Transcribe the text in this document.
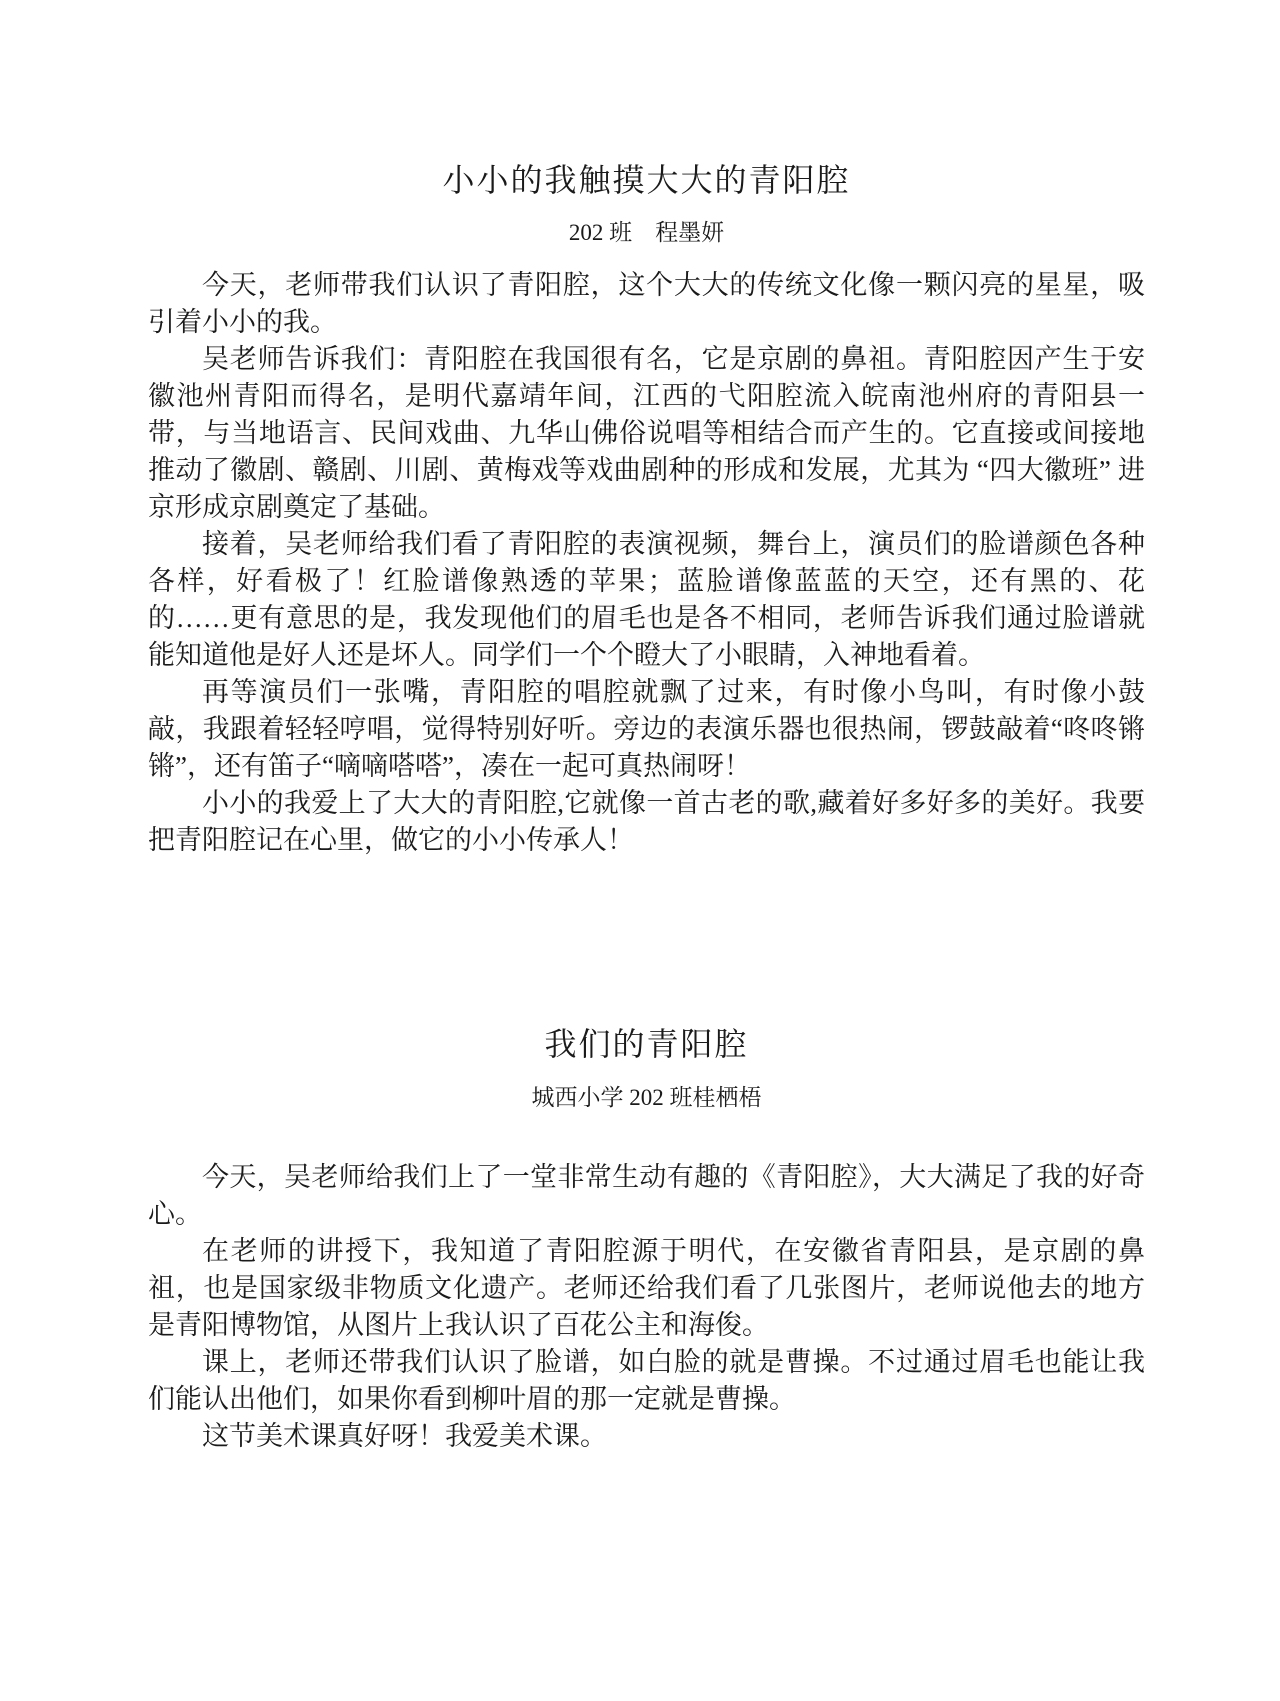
小小的我触摸大大的青阳腔
202 班　程墨妍

今天，老师带我们认识了青阳腔，这个大大的传统文化像一颗闪亮的星星，吸引着小小的我。

吴老师告诉我们：青阳腔在我国很有名，它是京剧的鼻祖。青阳腔因产生于安徽池州青阳而得名，是明代嘉靖年间，江西的弋阳腔流入皖南池州府的青阳县一带，与当地语言、民间戏曲、九华山佛俗说唱等相结合而产生的。它直接或间接地推动了徽剧、赣剧、川剧、黄梅戏等戏曲剧种的形成和发展，尤其为 “四大徽班” 进京形成京剧奠定了基础。

接着，吴老师给我们看了青阳腔的表演视频，舞台上，演员们的脸谱颜色各种各样，好看极了！红脸谱像熟透的苹果；蓝脸谱像蓝蓝的天空，还有黑的、花的……更有意思的是，我发现他们的眉毛也是各不相同，老师告诉我们通过脸谱就能知道他是好人还是坏人。同学们一个个瞪大了小眼睛，入神地看着。

再等演员们一张嘴，青阳腔的唱腔就飘了过来，有时像小鸟叫，有时像小鼓敲，我跟着轻轻哼唱，觉得特别好听。旁边的表演乐器也很热闹，锣鼓敲着“咚咚锵锵”，还有笛子“嘀嘀嗒嗒”，凑在一起可真热闹呀！

小小的我爱上了大大的青阳腔,它就像一首古老的歌,藏着好多好多的美好。我要把青阳腔记在心里，做它的小小传承人！

我们的青阳腔
城西小学 202 班桂栖梧

今天，吴老师给我们上了一堂非常生动有趣的《青阳腔》，大大满足了我的好奇心。

在老师的讲授下，我知道了青阳腔源于明代，在安徽省青阳县，是京剧的鼻祖，也是国家级非物质文化遗产。老师还给我们看了几张图片，老师说他去的地方是青阳博物馆，从图片上我认识了百花公主和海俊。

课上，老师还带我们认识了脸谱，如白脸的就是曹操。不过通过眉毛也能让我们能认出他们，如果你看到柳叶眉的那一定就是曹操。

这节美术课真好呀！我爱美术课。
